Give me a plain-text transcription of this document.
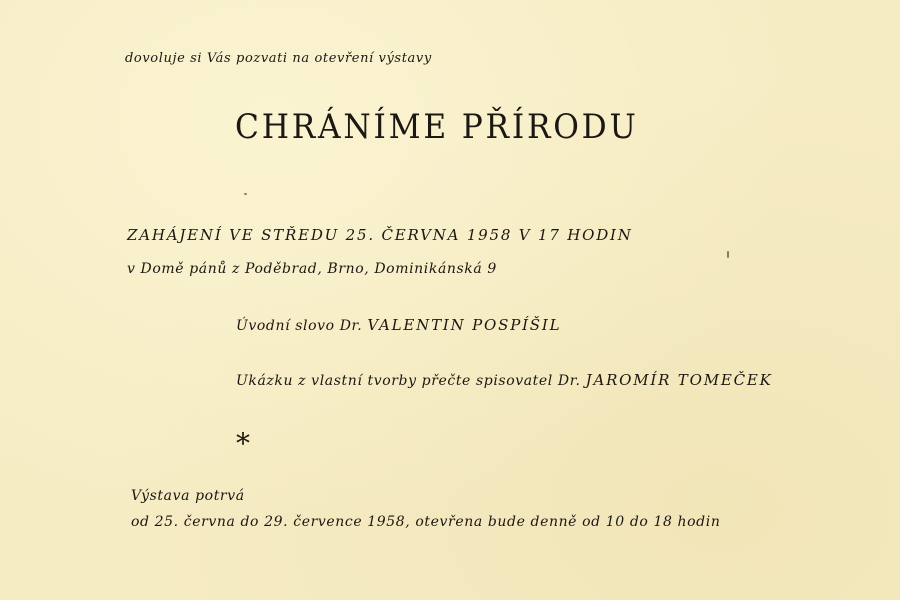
dovoluje si Vás pozvati na otevření výstavy
CHRÁNÍME PŘÍRODU
ZAHÁJENÍ VE STŘEDU 25. ČERVNA 1958 V 17 HODIN
v Domě pánů z Poděbrad, Brno, Dominikánská 9
Úvodní slovo Dr. VALENTIN POSPÍŠIL
Ukázku z vlastní tvorby přečte spisovatel Dr. JAROMÍR TOMEČEK
*
Výstava potrvá
od 25. června do 29. července 1958, otevřena bude denně od 10 do 18 hodin
